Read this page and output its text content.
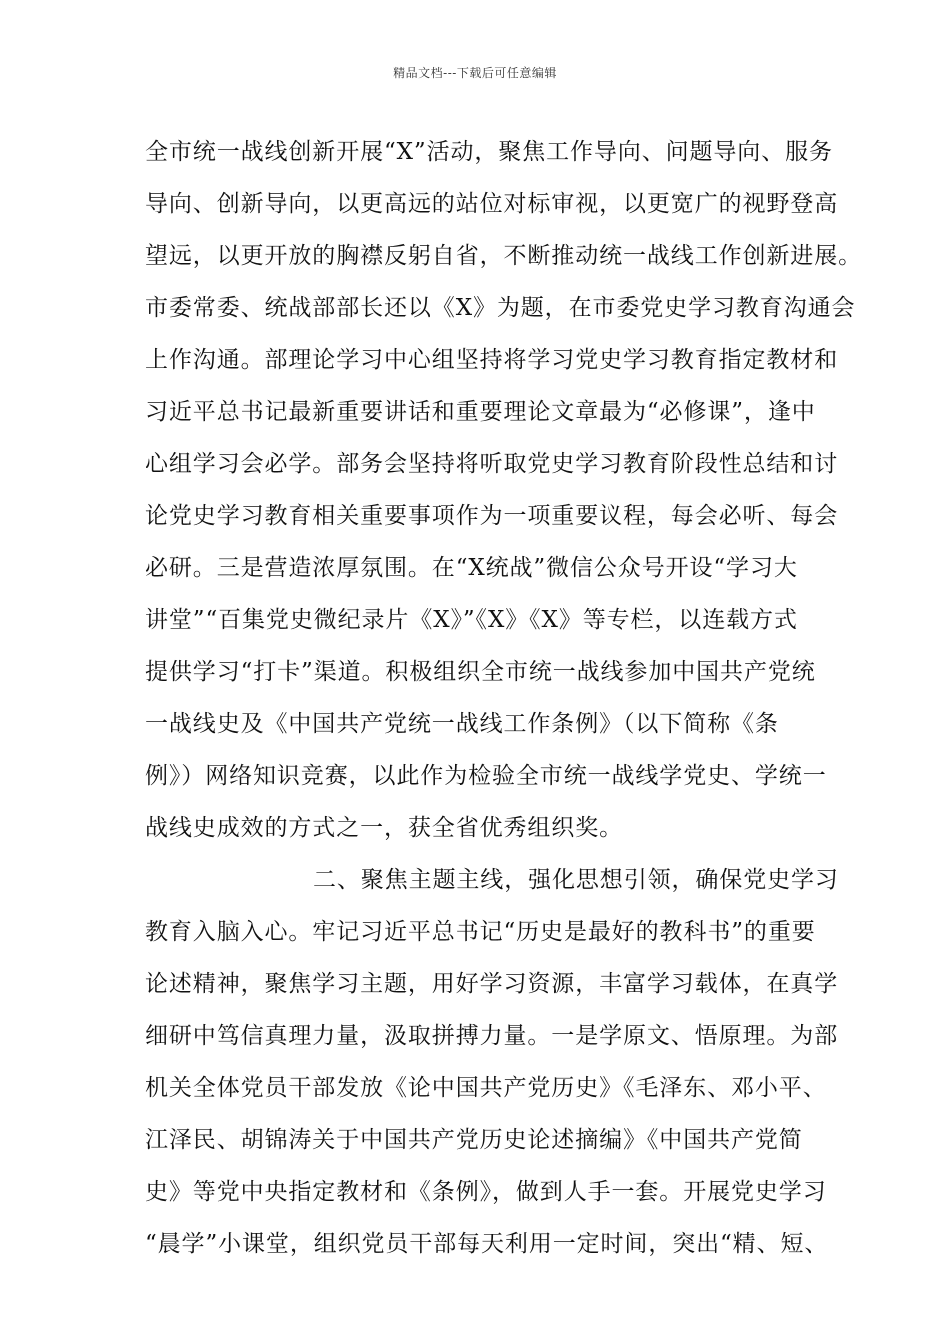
精品文档---下载后可任意编辑
全市统一战线创新开展“X”活动，聚焦工作导向、问题导向、服务
导向、创新导向，以更高远的站位对标审视，以更宽广的视野登高
望远，以更开放的胸襟反躬自省，不断推动统一战线工作创新进展。
市委常委、统战部部长还以《X》为题，在市委党史学习教育沟通会
上作沟通。部理论学习中心组坚持将学习党史学习教育指定教材和
习近平总书记最新重要讲话和重要理论文章最为“必修课”，逢中
心组学习会必学。部务会坚持将听取党史学习教育阶段性总结和讨
论党史学习教育相关重要事项作为一项重要议程，每会必听、每会
必研。三是营造浓厚氛围。在“X统战”微信公众号开设“学习大
讲堂”“百集党史微纪录片《X》”《X》《X》等专栏，以连载方式
提供学习“打卡”渠道。积极组织全市统一战线参加中国共产党统
一战线史及《中国共产党统一战线工作条例》（以下简称《条
例》）网络知识竞赛，以此作为检验全市统一战线学党史、学统一
战线史成效的方式之一，获全省优秀组织奖。
二、聚焦主题主线，强化思想引领，确保党史学习
教育入脑入心。牢记习近平总书记“历史是最好的教科书”的重要
论述精神，聚焦学习主题，用好学习资源，丰富学习载体，在真学
细研中笃信真理力量，汲取拼搏力量。一是学原文、悟原理。为部
机关全体党员干部发放《论中国共产党历史》《毛泽东、邓小平、
江泽民、胡锦涛关于中国共产党历史论述摘编》《中国共产党简
史》等党中央指定教材和《条例》，做到人手一套。开展党史学习
“晨学”小课堂，组织党员干部每天利用一定时间，突出“精、短、
